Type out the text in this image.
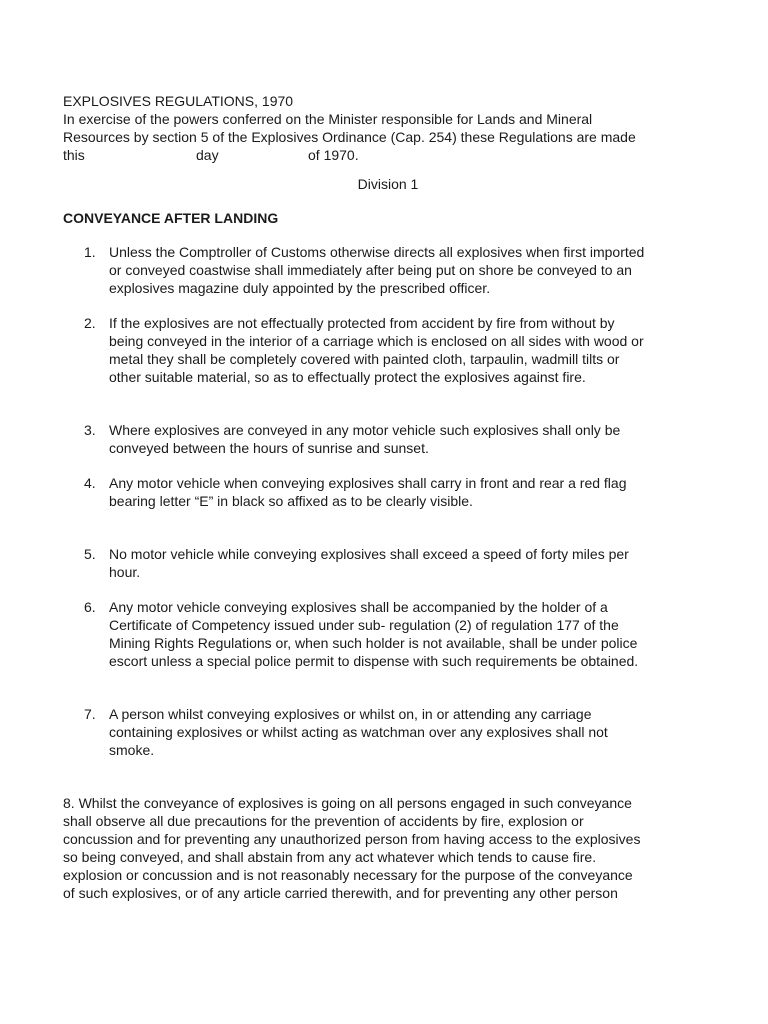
EXPLOSIVES REGULATIONS, 1970
In exercise of the powers conferred on the Minister responsible for Lands and Mineral
Resources by section 5 of the Explosives Ordinance (Cap. 254) these Regulations are made
this	day	of 1970.
Division 1
CONVEYANCE AFTER LANDING
1. Unless the Comptroller of Customs otherwise directs all explosives when first imported
or conveyed coastwise shall immediately after being put on shore be conveyed to an
explosives magazine duly appointed by the prescribed officer.
2. If the explosives are not effectually protected from accident by fire from without by
being conveyed in the interior of a carriage which is enclosed on all sides with wood or
metal they shall be completely covered with painted cloth, tarpaulin, wadmill tilts or
other suitable material, so as to effectually protect the explosives against fire.
3. Where explosives are conveyed in any motor vehicle such explosives shall only be
conveyed between the hours of sunrise and sunset.
4. Any motor vehicle when conveying explosives shall carry in front and rear a red flag
bearing letter “E” in black so affixed as to be clearly visible.
5. No motor vehicle while conveying explosives shall exceed a speed of forty miles per
hour.
6. Any motor vehicle conveying explosives shall be accompanied by the holder of a
Certificate of Competency issued under sub- regulation (2) of regulation 177 of the
Mining Rights Regulations or, when such holder is not available, shall be under police
escort unless a special police permit to dispense with such requirements be obtained.
7. A person whilst conveying explosives or whilst on, in or attending any carriage
containing explosives or whilst acting as watchman over any explosives shall not
smoke.
8. Whilst the conveyance of explosives is going on all persons engaged in such conveyance
shall observe all due precautions for the prevention of accidents by fire, explosion or
concussion and for preventing any unauthorized person from having access to the explosives
so being conveyed, and shall abstain from any act whatever which tends to cause fire.
explosion or concussion and is not reasonably necessary for the purpose of the conveyance
of such explosives, or of any article carried therewith, and for preventing any other person
